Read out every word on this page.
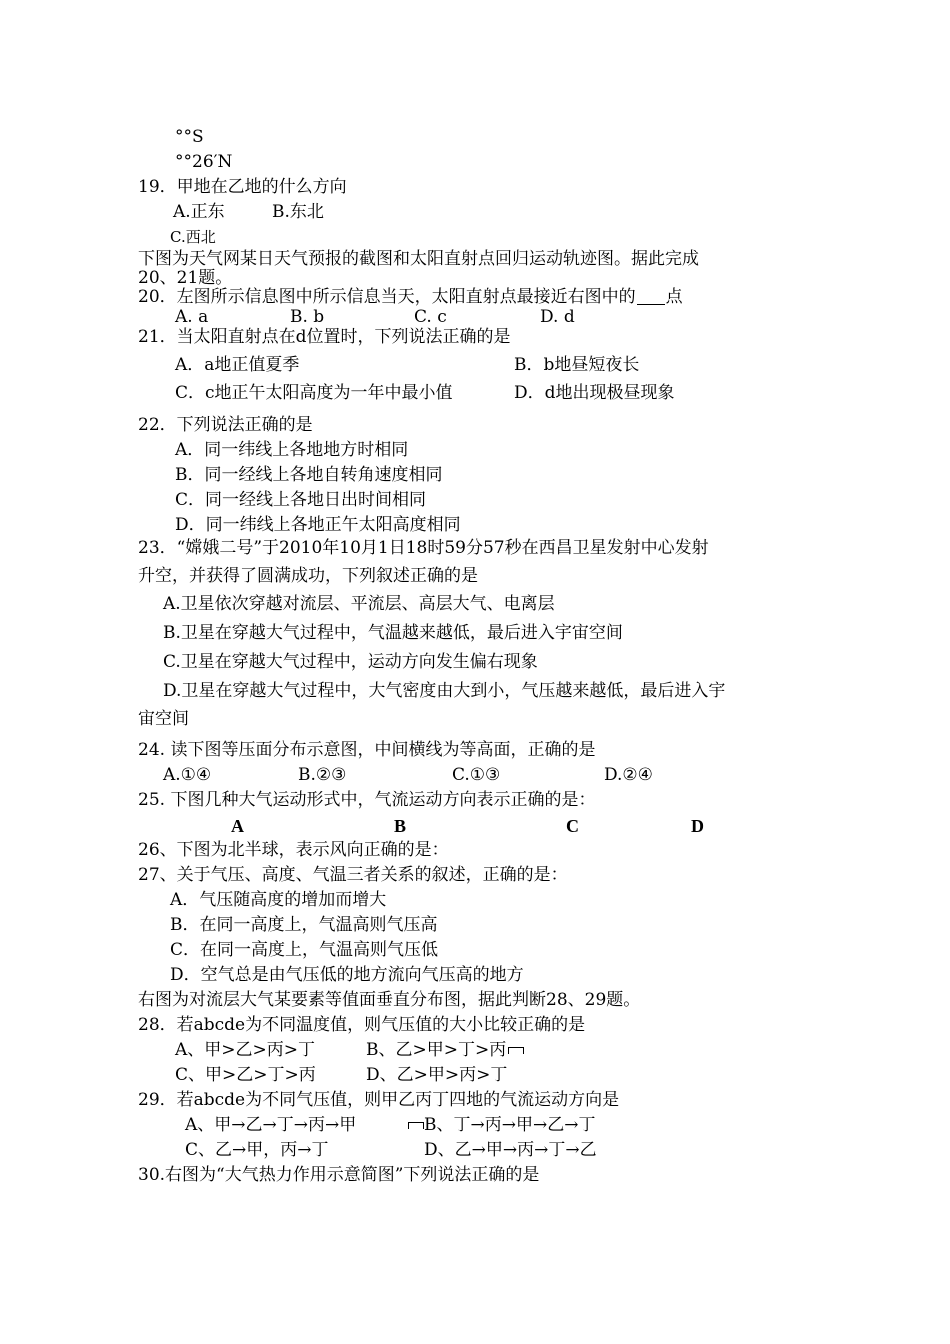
°°S
°°26′N
19．甲地在乙地的什么方向
A.正东	B.东北
C.西北
下图为天气网某日天气预报的截图和太阳直射点回归运动轨迹图。据此完成
20、21题。
20．左图所示信息图中所示信息当天，太阳直射点最接近右图中的 点
A. a	B. b	C. c	D. d
21．当太阳直射点在d位置时，下列说法正确的是
A．a地正值夏季	B．b地昼短夜长
C．c地正午太阳高度为一年中最小值	D．d地出现极昼现象
22．下列说法正确的是
A．同一纬线上各地地方时相同
B．同一经线上各地自转角速度相同
C．同一经线上各地日出时间相同
D．同一纬线上各地正午太阳高度相同
23．“嫦娥二号”于2010年10月1日18时59分57秒在西昌卫星发射中心发射
升空，并获得了圆满成功，下列叙述正确的是
A.卫星依次穿越对流层、平流层、高层大气、电离层
B.卫星在穿越大气过程中，气温越来越低，最后进入宇宙空间
C.卫星在穿越大气过程中，运动方向发生偏右现象
D.卫星在穿越大气过程中，大气密度由大到小，气压越来越低，最后进入宇
宙空间
24. 读下图等压面分布示意图，中间横线为等高面，正确的是
A.①④	B.②③	C.①③	D.②④
25. 下图几种大气运动形式中，气流运动方向表示正确的是：
A	B	C	D
26、下图为北半球，表示风向正确的是：
27、关于气压、高度、气温三者关系的叙述，正确的是：
A．气压随高度的增加而增大
B．在同一高度上，气温高则气压高
C．在同一高度上，气温高则气压低
D．空气总是由气压低的地方流向气压高的地方
右图为对流层大气某要素等值面垂直分布图，据此判断28、29题。
28．若abcde为不同温度值，则气压值的大小比较正确的是
A、甲>乙>丙>丁	B、乙>甲>丁>丙
C、甲>乙>丁>丙	D、乙>甲>丙>丁
29．若abcde为不同气压值，则甲乙丙丁四地的气流运动方向是
A、甲→乙→丁→丙→甲	B、丁→丙→甲→乙→丁
C、乙→甲，丙→丁	D、乙→甲→丙→丁→乙
30.右图为“大气热力作用示意简图”下列说法正确的是
